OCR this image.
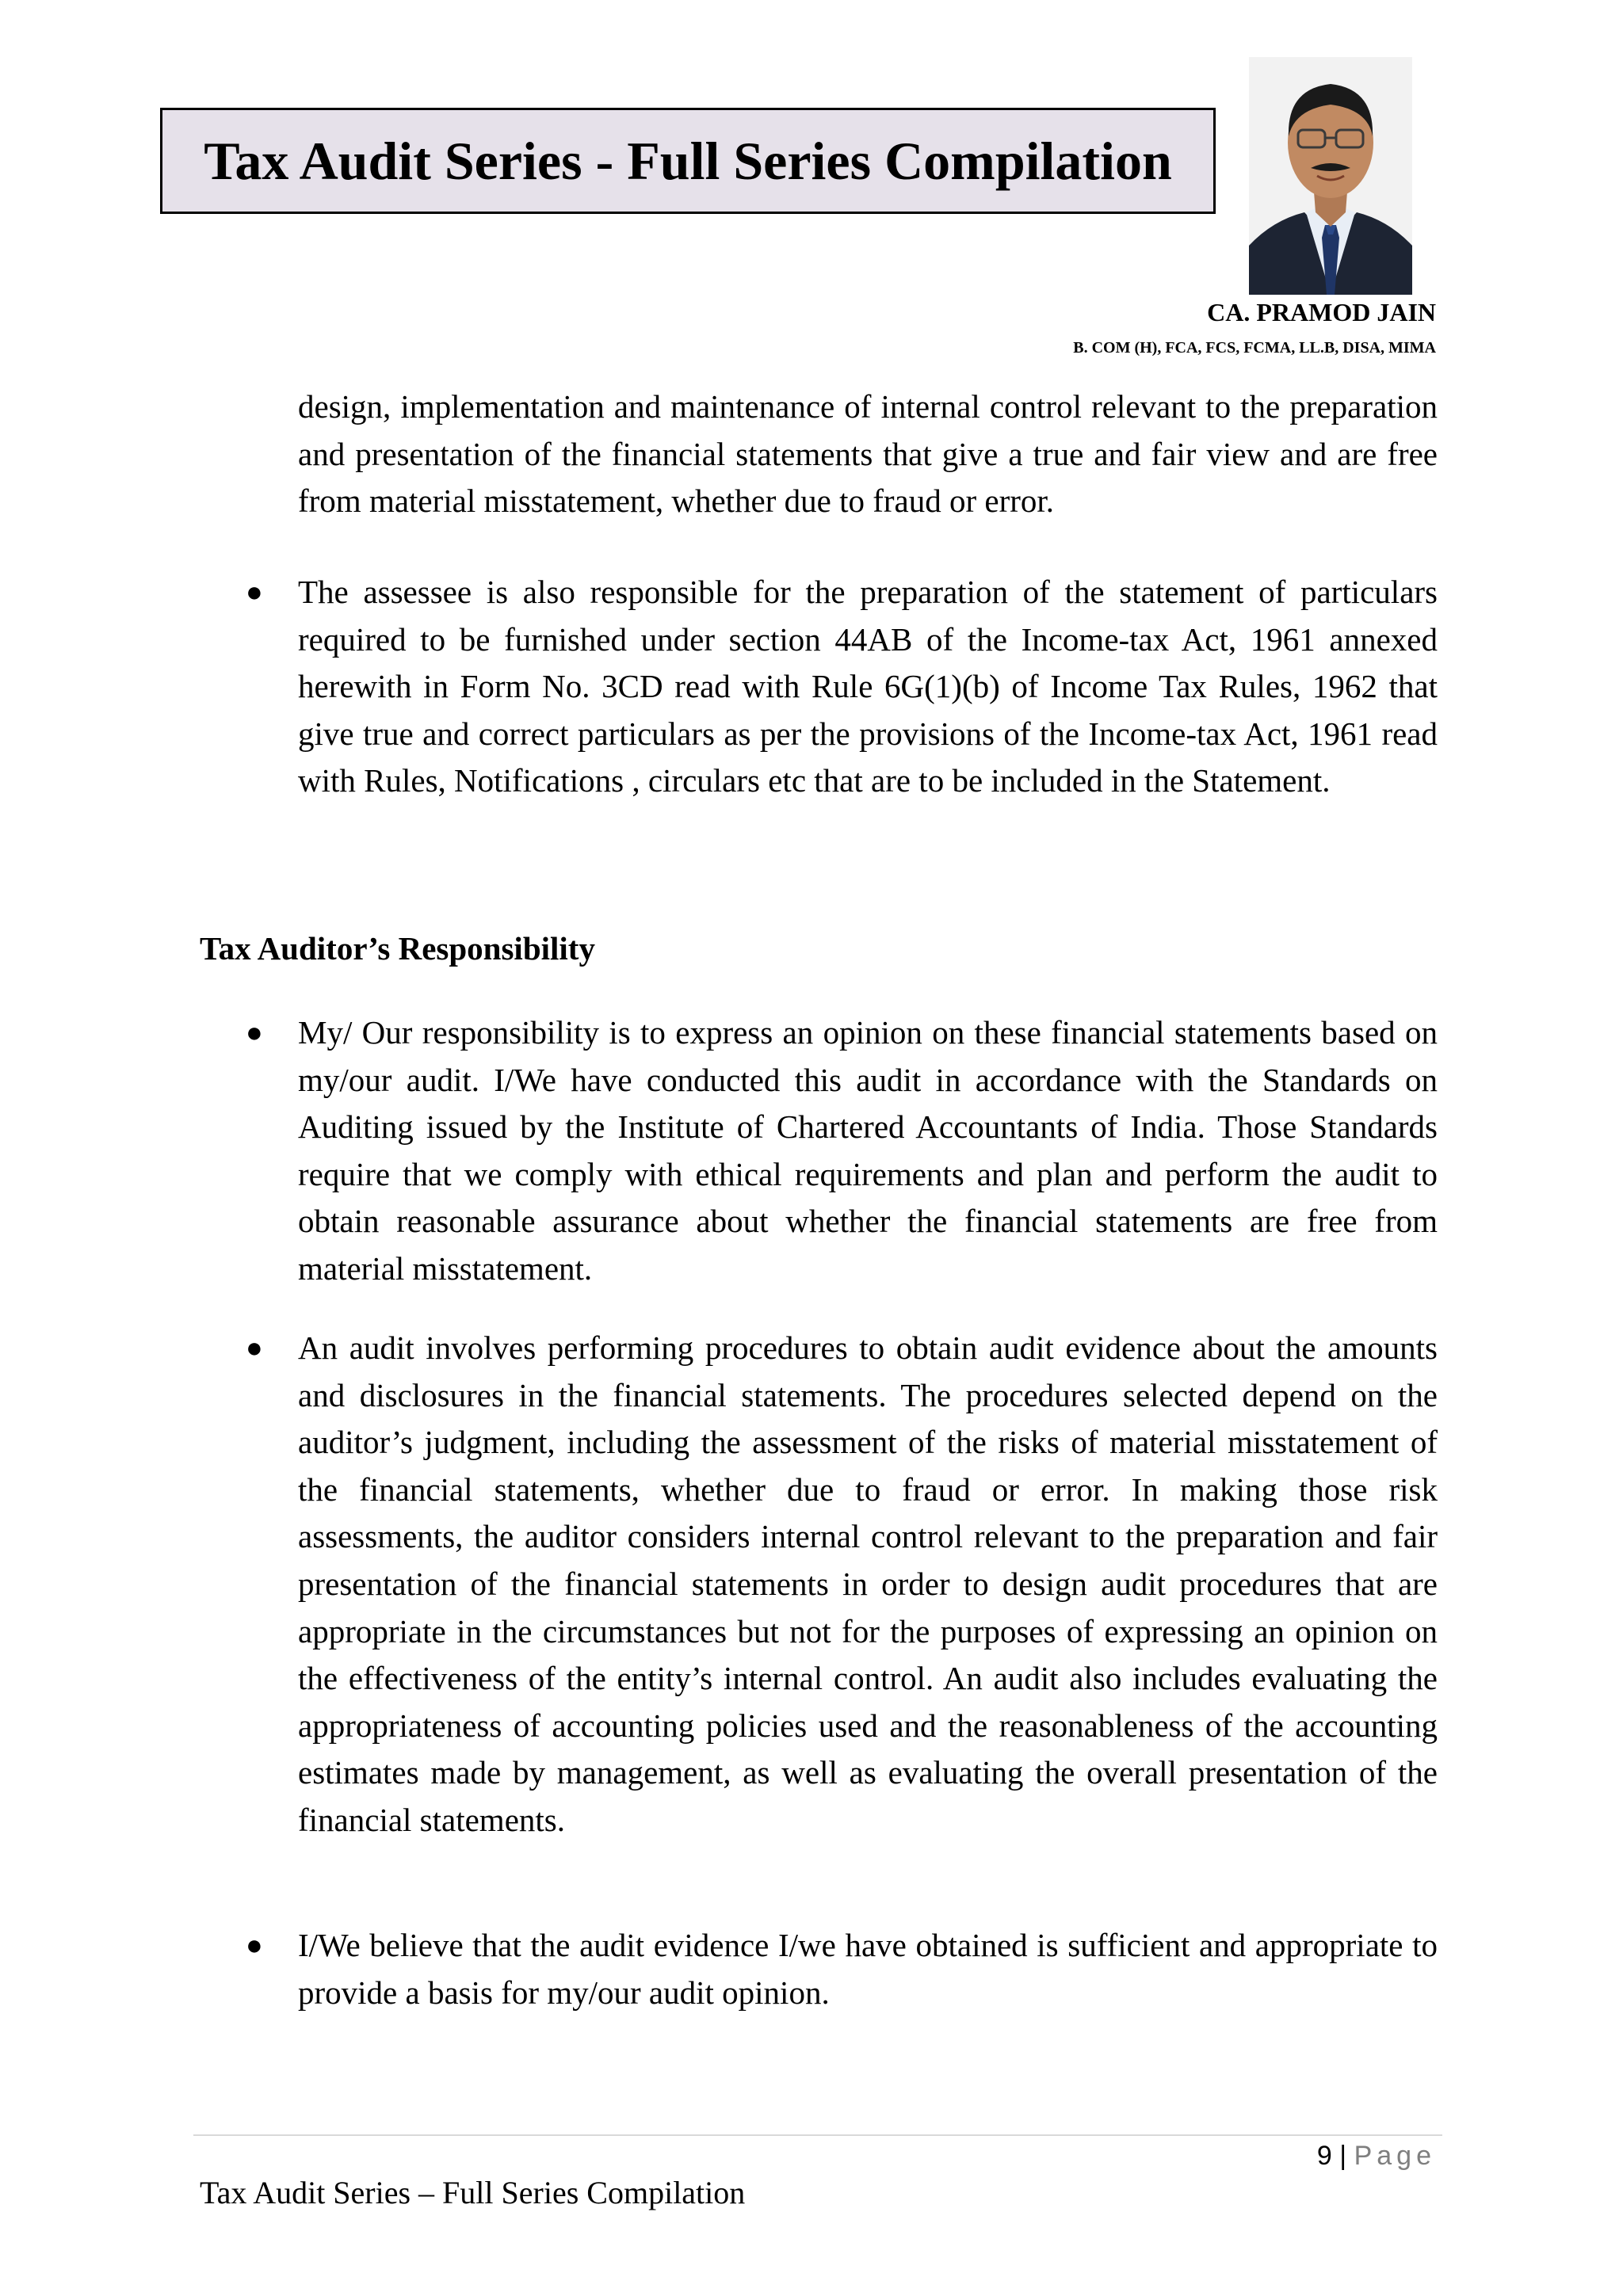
Tax Audit Series - Full Series Compilation
CA. PRAMOD JAIN
B. COM (H), FCA, FCS, FCMA, LL.B, DISA, MIMA

design, implementation and maintenance of internal control relevant to the preparation and presentation of the financial statements that give a true and fair view and are free from material misstatement, whether due to fraud or error.

● The assessee is also responsible for the preparation of the statement of particulars required to be furnished under section 44AB of the Income-tax Act, 1961 annexed herewith in Form No. 3CD read with Rule 6G(1)(b) of Income Tax Rules, 1962 that give true and correct particulars as per the provisions of the Income-tax Act, 1961 read with Rules, Notifications , circulars etc that are to be included in the Statement.

Tax Auditor’s Responsibility
● My/ Our responsibility is to express an opinion on these financial statements based on my/our audit. I/We have conducted this audit in accordance with the Standards on Auditing issued by the Institute of Chartered Accountants of India. Those Standards require that we comply with ethical requirements and plan and perform the audit to obtain reasonable assurance about whether the financial statements are free from material misstatement.

● An audit involves performing procedures to obtain audit evidence about the amounts and disclosures in the financial statements. The procedures selected depend on the auditor’s judgment, including the assessment of the risks of material misstatement of the financial statements, whether due to fraud or error. In making those risk assessments, the auditor considers internal control relevant to the preparation and fair presentation of the financial statements in order to design audit procedures that are appropriate in the circumstances but not for the purposes of expressing an opinion on the effectiveness of the entity’s internal control. An audit also includes evaluating the appropriateness of accounting policies used and the reasonableness of the accounting estimates made by management, as well as evaluating the overall presentation of the financial statements.

● I/We believe that the audit evidence I/we have obtained is sufficient and appropriate to provide a basis for my/our audit opinion.

9 | Page
Tax Audit Series – Full Series Compilation
